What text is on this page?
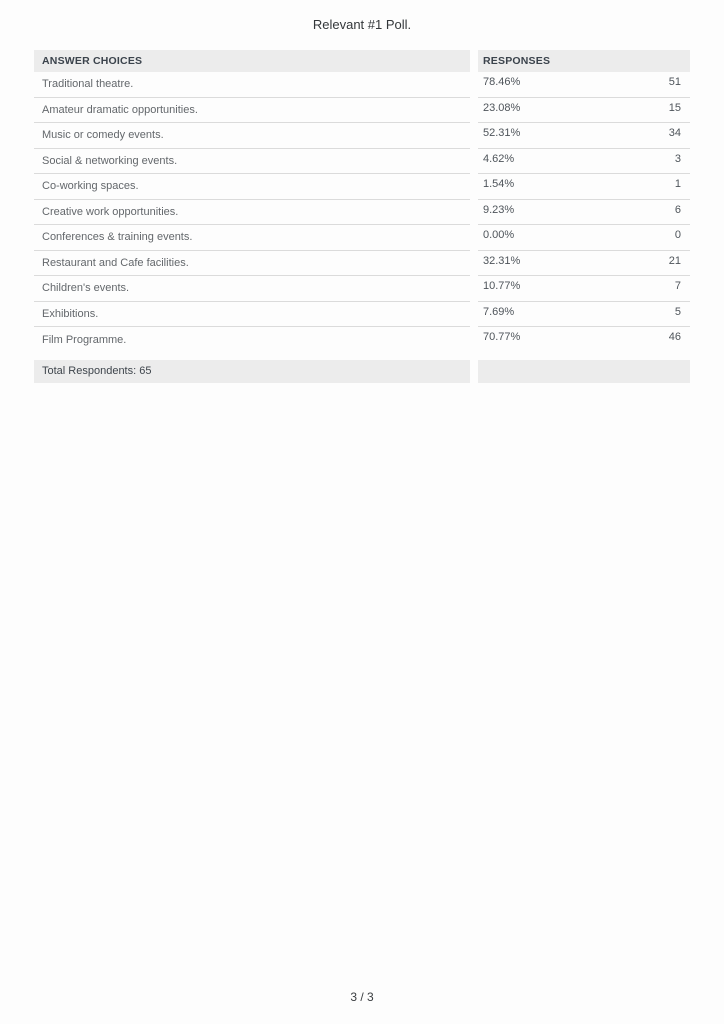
Relevant #1 Poll.
ANSWER CHOICES	RESPONSES
Traditional theatre.	78.46%	51
Amateur dramatic opportunities.	23.08%	15
Music or comedy events.	52.31%	34
Social & networking events.	4.62%	3
Co-working spaces.	1.54%	1
Creative work opportunities.	9.23%	6
Conferences & training events.	0.00%	0
Restaurant and Cafe facilities.	32.31%	21
Children's events.	10.77%	7
Exhibitions.	7.69%	5
Film Programme.	70.77%	46
Total Respondents: 65
3 / 3
